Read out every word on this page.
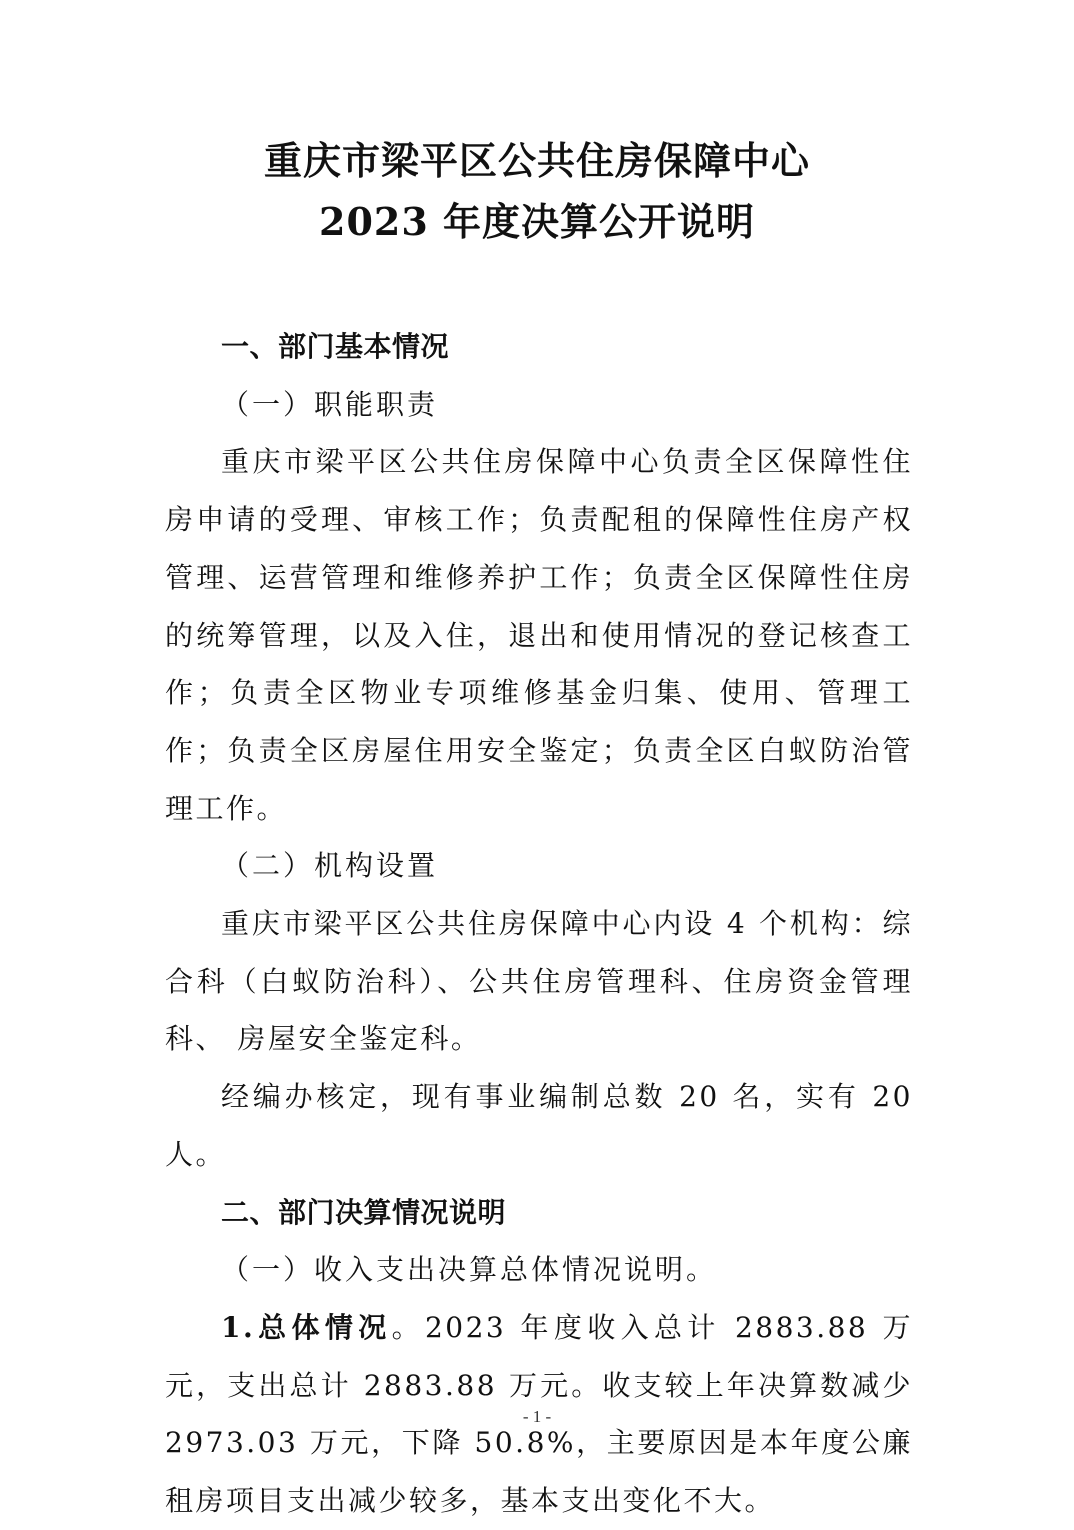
重庆市梁平区公共住房保障中心
2023 年度决算公开说明

一、部门基本情况

（一）职能职责

重庆市梁平区公共住房保障中心负责全区保障性住房申请的受理、审核工作；负责配租的保障性住房产权管理、运营管理和维修养护工作；负责全区保障性住房的统筹管理，以及入住，退出和使用情况的登记核查工作；负责全区物业专项维修基金归集、使用、管理工作；负责全区房屋住用安全鉴定；负责全区白蚁防治管理工作。

（二）机构设置

重庆市梁平区公共住房保障中心内设 4 个机构：综合科（白蚁防治科）、公共住房管理科、住房资金管理科、 房屋安全鉴定科。

经编办核定，现有事业编制总数 20 名，实有 20 人。

二、部门决算情况说明

（一）收入支出决算总体情况说明。

1.总体情况。2023 年度收入总计 2883.88 万元，支出总计 2883.88 万元。收支较上年决算数减少 2973.03 万元，下降 50.8%，主要原因是本年度公廉租房项目支出减少较多，基本支出变化不大。

- 1 -
